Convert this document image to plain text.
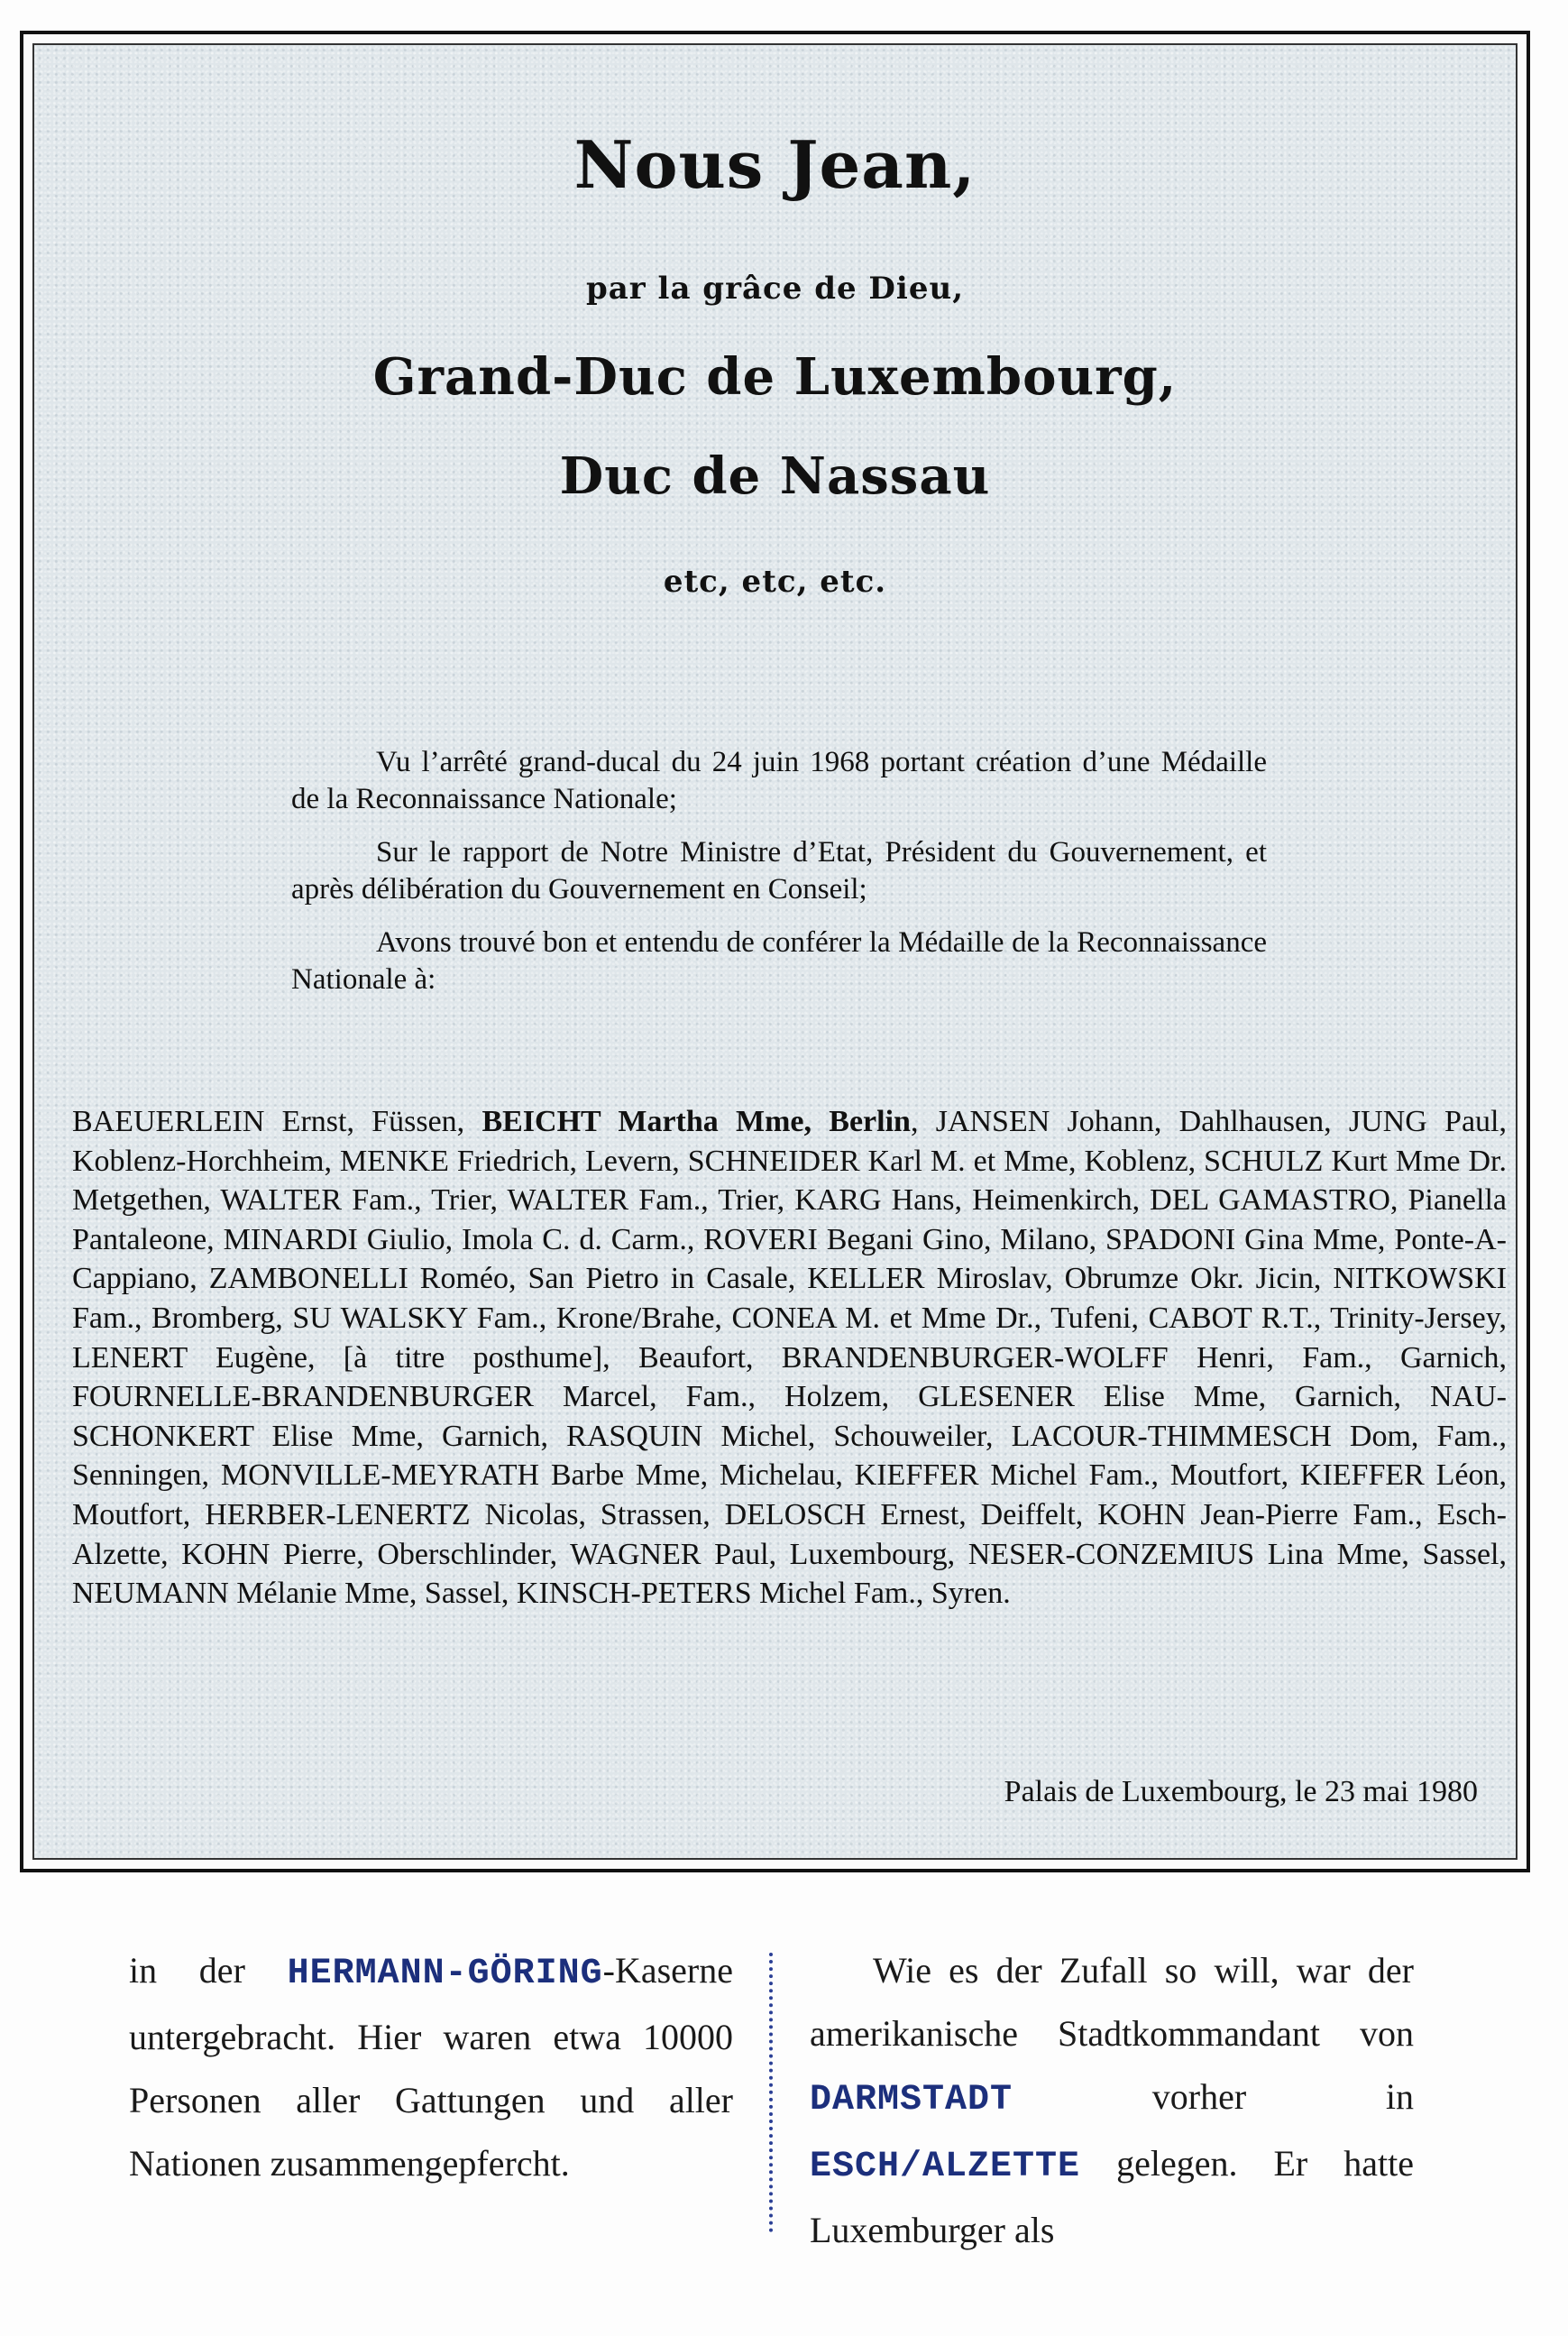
Nous Jean,
par la grâce de Dieu,
Grand-Duc de Luxembourg,
Duc de Nassau
etc, etc, etc.

Vu l’arrêté grand-ducal du 24 juin 1968 portant création d’une Médaille de la Reconnaissance Nationale;

Sur le rapport de Notre Ministre d’Etat, Président du Gouvernement, et après délibération du Gouvernement en Conseil;

Avons trouvé bon et entendu de conférer la Médaille de la Reconnaissance Nationale à:

BAEUERLEIN Ernst, Füssen, BEICHT Martha Mme, Berlin, JANSEN Johann, Dahlhausen, JUNG Paul, Koblenz-Horchheim, MENKE Friedrich, Levern, SCHNEIDER Karl M. et Mme, Koblenz, SCHULZ Kurt Mme Dr. Metgethen, WALTER Fam., Trier, WALTER Fam., Trier, KARG Hans, Heimenkirch, DEL GAMASTRO, Pianella Pantaleone, MINARDI Giulio, Imola C. d. Carm., ROVERI Begani Gino, Milano, SPADONI Gina Mme, Ponte-A-Cappiano, ZAMBONELLI Roméo, San Pietro in Casale, KELLER Miroslav, Obrumze Okr. Jicin, NITKOWSKI Fam., Bromberg, SU WALSKY Fam., Krone/Brahe, CONEA M. et Mme Dr., Tufeni, CABOT R.T., Trinity-Jersey, LENERT Eugène, [à titre posthume], Beaufort, BRANDENBURGER-WOLFF Henri, Fam., Garnich, FOURNELLE-BRANDENBURGER Marcel, Fam., Holzem, GLESENER Elise Mme, Garnich, NAU-SCHONKERT Elise Mme, Garnich, RASQUIN Michel, Schouweiler, LACOUR-THIMMESCH Dom, Fam., Senningen, MONVILLE-MEYRATH Barbe Mme, Michelau, KIEFFER Michel Fam., Moutfort, KIEFFER Léon, Moutfort, HERBER-LENERTZ Nicolas, Strassen, DELOSCH Ernest, Deiffelt, KOHN Jean-Pierre Fam., Esch-Alzette, KOHN Pierre, Oberschlinder, WAGNER Paul, Luxembourg, NESER-CONZEMIUS Lina Mme, Sassel, NEUMANN Mélanie Mme, Sassel, KINSCH-PETERS Michel Fam., Syren.
Palais de Luxembourg, le 23 mai 1980

in der HERMANN-GÖRING-Kaserne untergebracht. Hier waren etwa 10000 Personen aller Gattungen und aller Nationen zusammengepfercht.

Wie es der Zufall so will, war der amerikanische Stadtkommandant von DARMSTADT vorher in ESCH/ALZETTE gelegen. Er hatte Luxemburger als
